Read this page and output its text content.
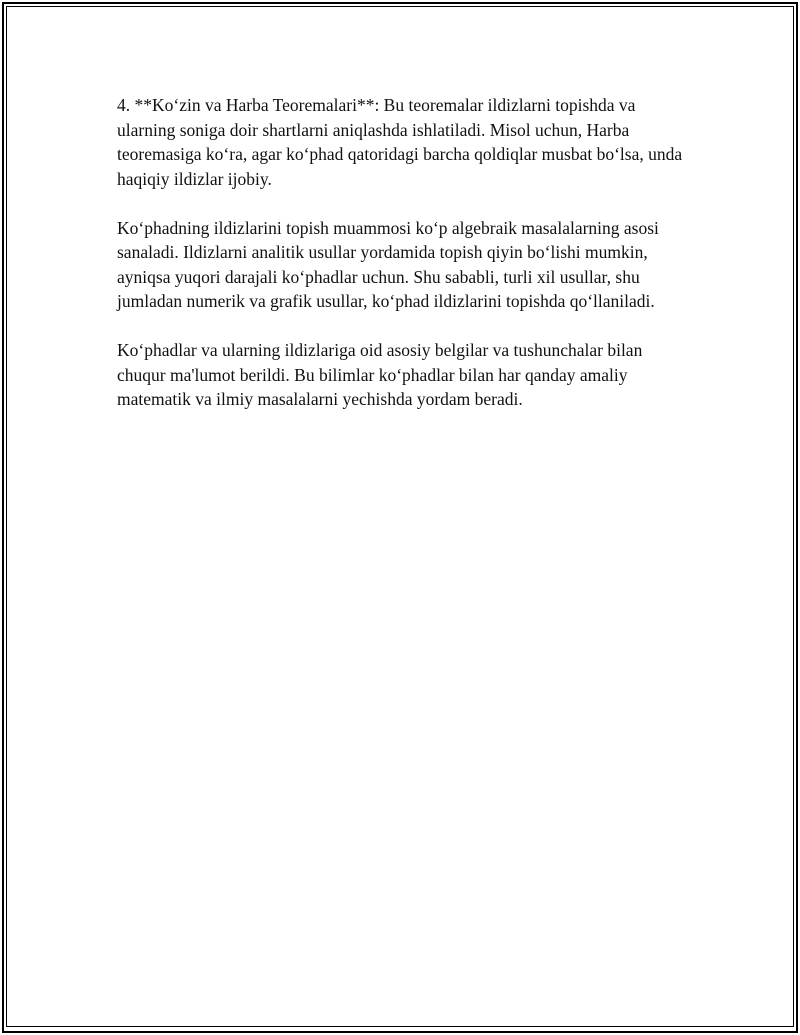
4. **Ko‘zin va Harba Teoremalari**: Bu teoremalar ildizlarni topishda va ularning soniga doir shartlarni aniqlashda ishlatiladi. Misol uchun, Harba teoremasiga ko‘ra, agar ko‘phad qatoridagi barcha qoldiqlar musbat bo‘lsa, unda haqiqiy ildizlar ijobiy.

Ko‘phadning ildizlarini topish muammosi ko‘p algebraik masalalarning asosi sanaladi. Ildizlarni analitik usullar yordamida topish qiyin bo‘lishi mumkin, ayniqsa yuqori darajali ko‘phadlar uchun. Shu sababli, turli xil usullar, shu jumladan numerik va grafik usullar, ko‘phad ildizlarini topishda qo‘llaniladi.

Ko‘phadlar va ularning ildizlariga oid asosiy belgilar va tushunchalar bilan chuqur ma'lumot berildi. Bu bilimlar ko‘phadlar bilan har qanday amaliy matematik va ilmiy masalalarni yechishda yordam beradi.
